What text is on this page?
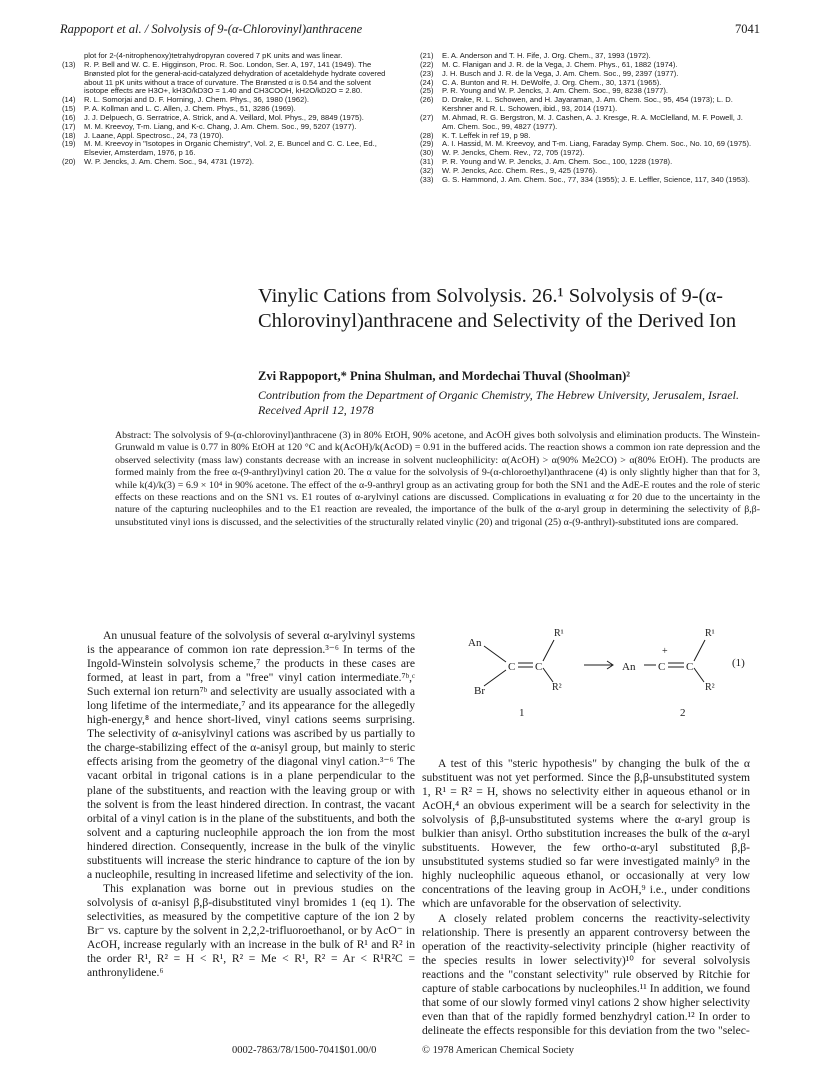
Rappoport et al. / Solvolysis of 9-(α-Chlorovinyl)anthracene	7041
plot for 2-(4-nitrophenoxy)tetrahydropyran covered 7 pK units and was linear.
(13)	R. P. Bell and W. C. E. Higginson, Proc. R. Soc. London, Ser. A, 197, 141 (1949). The Brønsted plot for the general-acid-catalyzed dehydration of acetaldehyde hydrate covered about 11 pK units without a trace of curvature. The Brønsted α is 0.54 and the solvent isotope effects are H3O+, kH3O/kD3O = 1.40 and CH3COOH, kH2O/kD2O = 2.80.
(14)	R. L. Somorjai and D. F. Horning, J. Chem. Phys., 36, 1980 (1962).
(15)	P. A. Kollman and L. C. Allen, J. Chem. Phys., 51, 3286 (1969).
(16)	J. J. Delpuech, G. Serratrice, A. Strick, and A. Veillard, Mol. Phys., 29, 8849 (1975).
(17)	M. M. Kreevoy, T-m. Liang, and K-c. Chang, J. Am. Chem. Soc., 99, 5207 (1977).
(18)	J. Laane, Appl. Spectrosc., 24, 73 (1970).
(19)	M. M. Kreevoy in "Isotopes in Organic Chemistry", Vol. 2, E. Buncel and C. C. Lee, Ed., Elsevier, Amsterdam, 1976, p 16.
(20)	W. P. Jencks, J. Am. Chem. Soc., 94, 4731 (1972).
(21)	E. A. Anderson and T. H. Fife, J. Org. Chem., 37, 1993 (1972).
(22)	M. C. Flanigan and J. R. de la Vega, J. Chem. Phys., 61, 1882 (1974).
(23)	J. H. Busch and J. R. de la Vega, J. Am. Chem. Soc., 99, 2397 (1977).
(24)	C. A. Bunton and R. H. DeWolfe, J. Org. Chem., 30, 1371 (1965).
(25)	P. R. Young and W. P. Jencks, J. Am. Chem. Soc., 99, 8238 (1977).
(26)	D. Drake, R. L. Schowen, and H. Jayaraman, J. Am. Chem. Soc., 95, 454 (1973); L. D. Kershner and R. L. Schowen, ibid., 93, 2014 (1971).
(27)	M. Ahmad, R. G. Bergstron, M. J. Cashen, A. J. Kresge, R. A. McClelland, M. F. Powell, J. Am. Chem. Soc., 99, 4827 (1977).
(28)	K. T. Leffek in ref 19, p 98.
(29)	A. I. Hassid, M. M. Kreevoy, and T-m. Liang, Faraday Symp. Chem. Soc., No. 10, 69 (1975).
(30)	W. P. Jencks, Chem. Rev., 72, 705 (1972).
(31)	P. R. Young and W. P. Jencks, J. Am. Chem. Soc., 100, 1228 (1978).
(32)	W. P. Jencks, Acc. Chem. Res., 9, 425 (1976).
(33)	G. S. Hammond, J. Am. Chem. Soc., 77, 334 (1955); J. E. Leffler, Science, 117, 340 (1953).
Vinylic Cations from Solvolysis. 26.¹ Solvolysis of 9-(α-Chlorovinyl)anthracene and Selectivity of the Derived Ion
Zvi Rappoport,* Pnina Shulman, and Mordechai Thuval (Shoolman)²
Contribution from the Department of Organic Chemistry, The Hebrew University, Jerusalem, Israel. Received April 12, 1978
Abstract: The solvolysis of 9-(α-chlorovinyl)anthracene (3) in 80% EtOH, 90% acetone, and AcOH gives both solvolysis and elimination products. The Winstein-Grunwald m value is 0.77 in 80% EtOH at 120 °C and k(AcOH)/k(AcOD) = 0.91 in the buffered acids. The reaction shows a common ion rate depression and the observed selectivity (mass law) constants decrease with an increase in solvent nucleophilicity: α(AcOH) > α(90% Me2CO) > α(80% EtOH). The products are formed mainly from the free α-(9-anthryl)vinyl cation 20. The α value for the solvolysis of 9-(α-chloroethyl)anthracene (4) is only slightly higher than that for 3, while k(4)/k(3) = 6.9 × 10⁴ in 90% acetone. The effect of the α-9-anthryl group as an activating group for both the SN1 and the AdE-E routes and the role of steric effects on these reactions and on the SN1 vs. E1 routes of α-arylvinyl cations are discussed. Complications in evaluating α for 20 due to the uncertainty in the nature of the capturing nucleophiles and to the E1 reaction are revealed, the importance of the bulk of the α-aryl group in determining the selectivity of β,β-unsubstituted vinyl ions is discussed, and the selectivities of the structurally related vinylic (20) and trigonal (25) α-(9-anthryl)-substituted ions are compared.

An unusual feature of the solvolysis of several α-arylvinyl systems is the appearance of common ion rate depression.³⁻⁶ In terms of the Ingold-Winstein solvolysis scheme,⁷ the products in these cases are formed, at least in part, from a "free" vinyl cation intermediate.⁷ᵇ,ᶜ Such external ion return⁷ᵇ and selectivity are usually associated with a long lifetime of the intermediate,⁷ and its appearance for the allegedly high-energy,⁸ and hence short-lived, vinyl cations seems surprising. The selectivity of α-anisylvinyl cations was ascribed by us partially to the charge-stabilizing effect of the α-anisyl group, but mainly to steric effects arising from the geometry of the diagonal vinyl cation.³⁻⁶ The vacant orbital in trigonal cations is in a plane perpendicular to the plane of the substituents, and reaction with the leaving group or with the solvent is from the least hindered direction. In contrast, the vacant orbital of a vinyl cation is in the plane of the substituents, and both the solvent and a capturing nucleophile approach the ion from the most hindered direction. Consequently, increase in the bulk of the vinylic substituents will increase the steric hindrance to capture of the ion by a nucleophile, resulting in increased lifetime and selectivity of the ion.

This explanation was borne out in previous studies on the solvolysis of α-anisyl β,β-disubstituted vinyl bromides 1 (eq 1). The selectivities, as measured by the competitive capture of the ion 2 by Br⁻ vs. capture by the solvent in 2,2,2-trifluoroethanol, or by AcO⁻ in AcOH, increase regularly with an increase in the bulk of R¹ and R² in the order R¹, R² = H < R¹, R² = Me < R¹, R² = Ar < R¹R²C = anthronylidene.⁶

An
R¹
C C
Br	R²
1
An
+
C C
R¹
R²
2
(1)

A test of this "steric hypothesis" by changing the bulk of the α substituent was not yet performed. Since the β,β-unsubstituted system 1, R¹ = R² = H, shows no selectivity either in aqueous ethanol or in AcOH,⁴ an obvious experiment will be a search for selectivity in the solvolysis of β,β-unsubstituted systems where the α-aryl group is bulkier than anisyl. Ortho substitution increases the bulk of the α-aryl substituents. However, the few ortho-α-aryl substituted β,β-unsubstituted systems studied so far were investigated mainly⁹ in the highly nucleophilic aqueous ethanol, or occasionally at very low concentrations of the leaving group in AcOH,⁹ i.e., under conditions which are unfavorable for the observation of selectivity.

A closely related problem concerns the reactivity-selectivity relationship. There is presently an apparent controversy between the operation of the reactivity-selectivity principle (higher reactivity of the species results in lower selectivity)¹⁰ for several solvolysis reactions and the "constant selectivity" rule observed by Ritchie for capture of stable carbocations by nucleophiles.¹¹ In addition, we found that some of our slowly formed vinyl cations 2 show higher selectivity even than that of the rapidly formed benzhydryl cation.¹² In order to delineate the effects responsible for this deviation from the two "selec-

0002-7863/78/1500-7041$01.00/0	© 1978 American Chemical Society
